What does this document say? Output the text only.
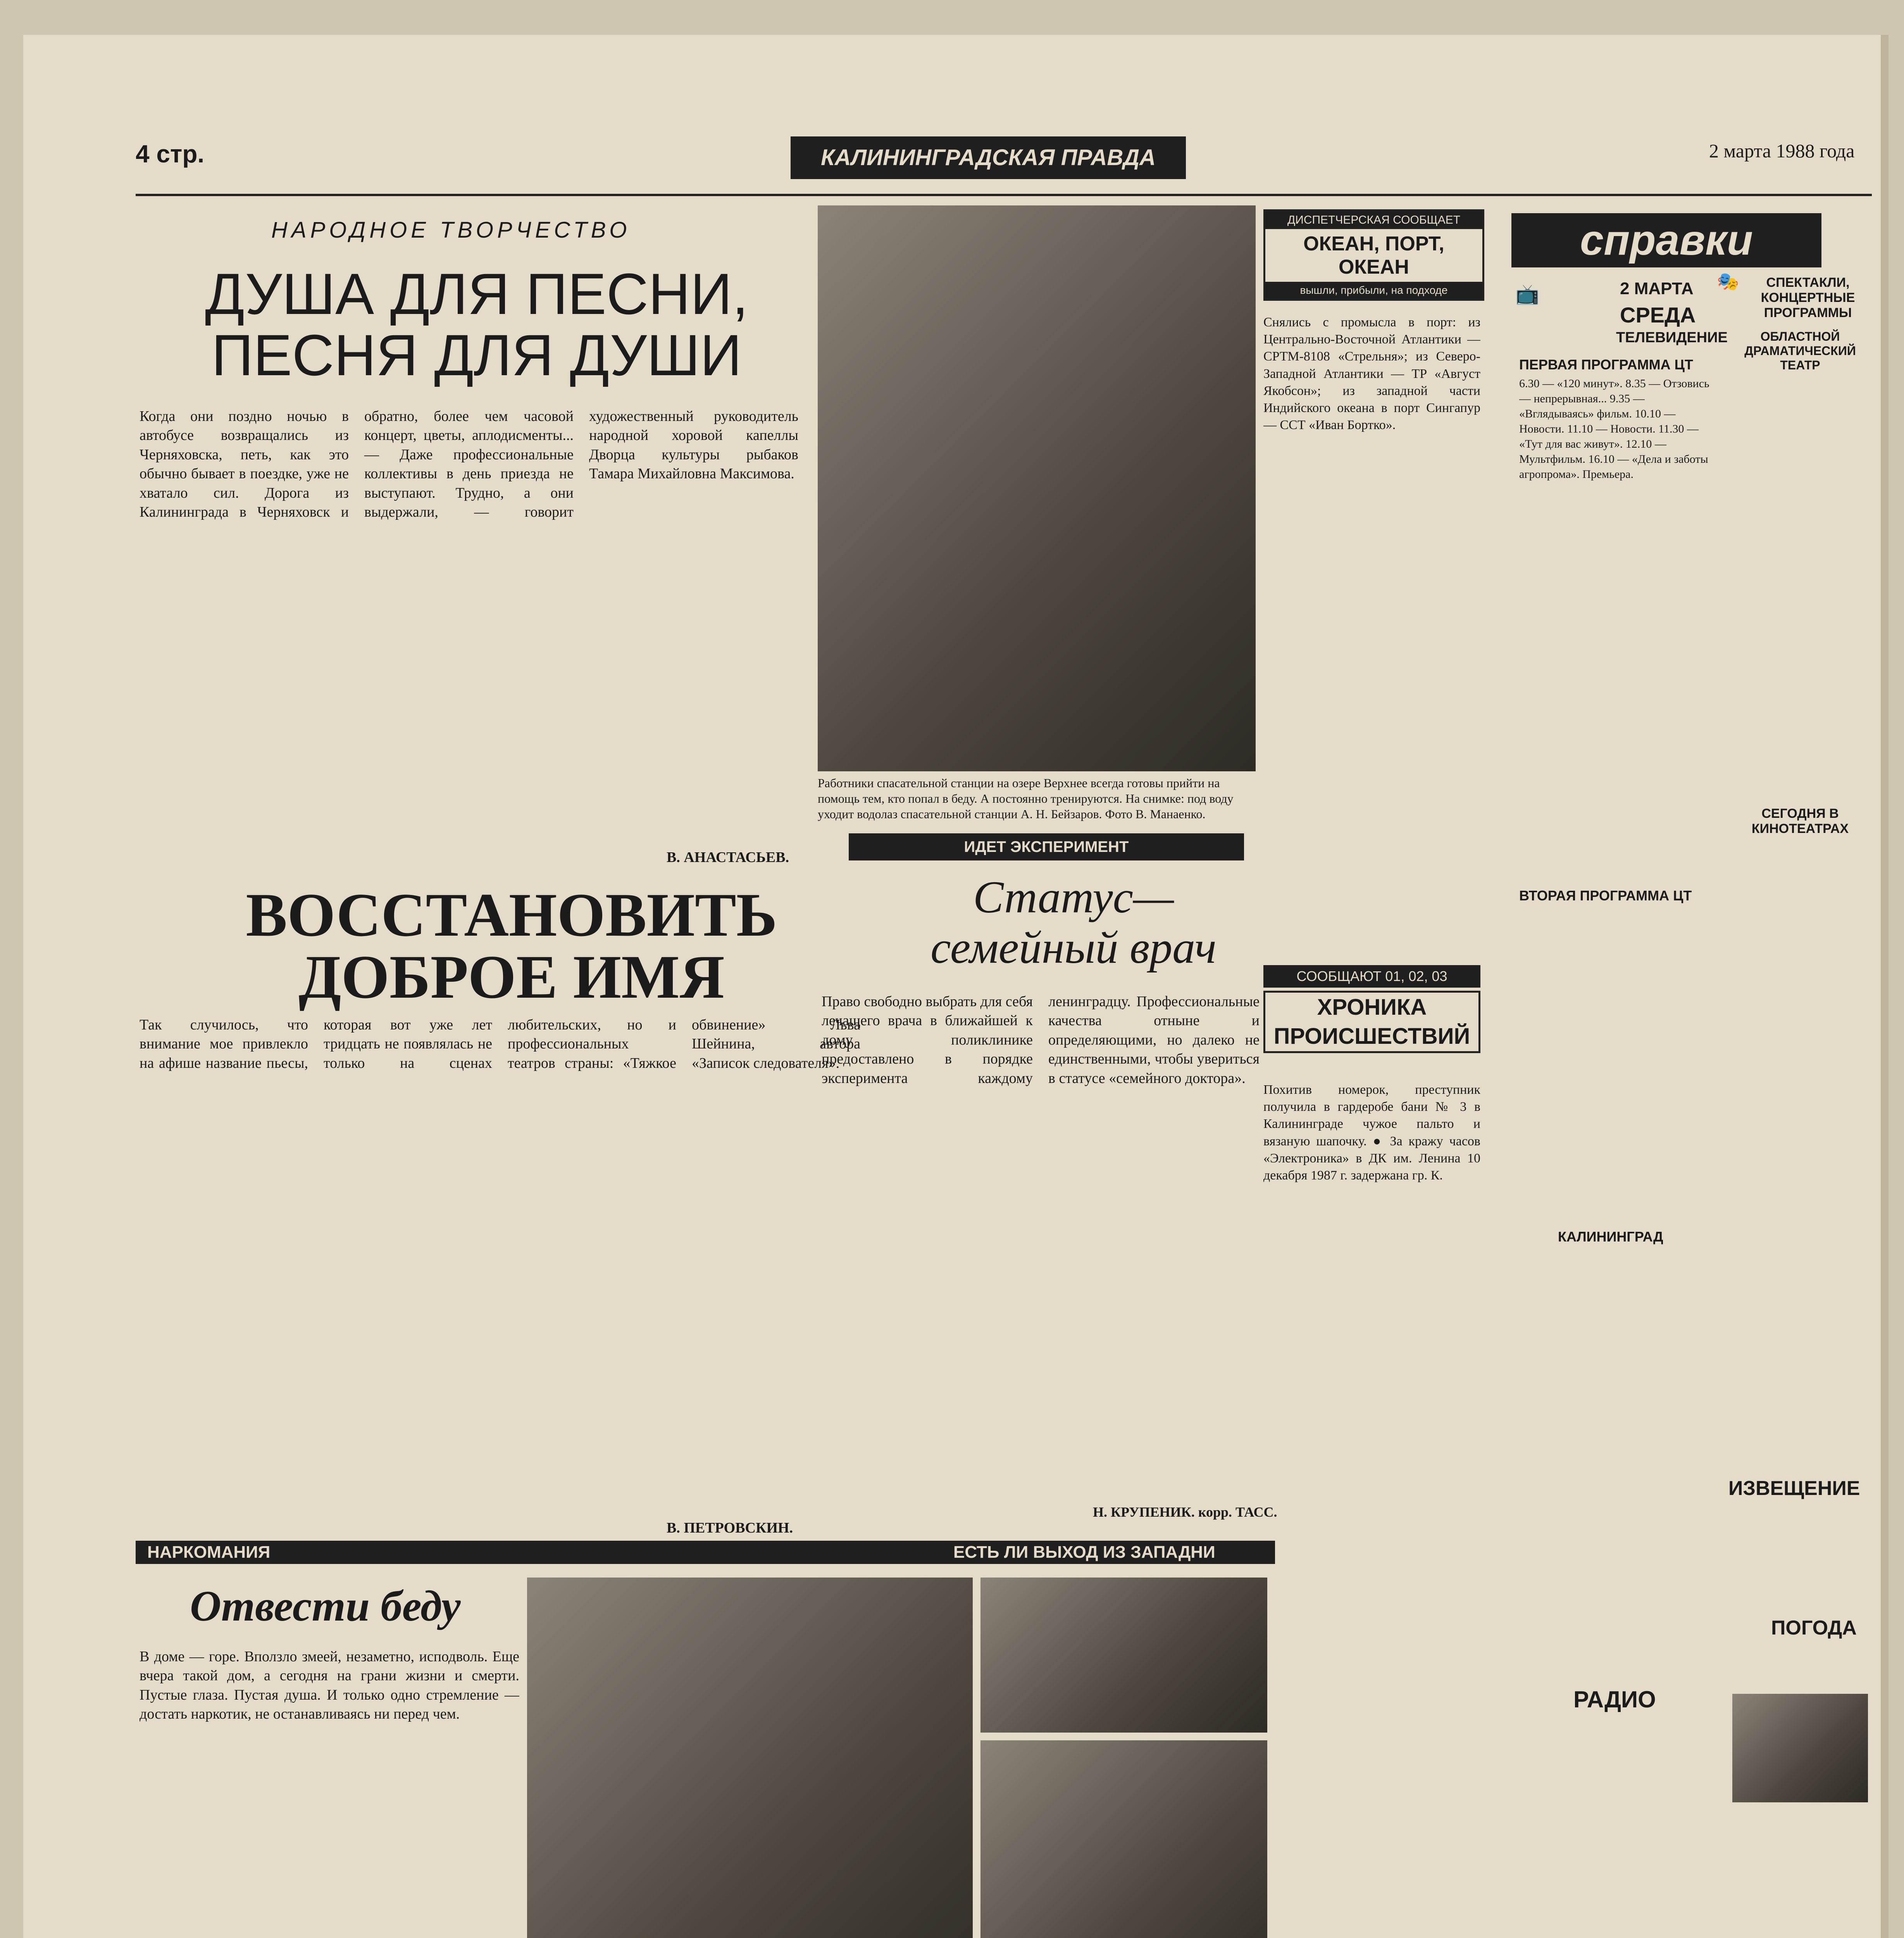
4 стр.	КАЛИНИНГРАДСКАЯ ПРАВДА	2 марта 1988 года
НАРОДНОЕ ТВОРЧЕСТВО
ДУША ДЛЯ ПЕСНИ, ПЕСНЯ ДЛЯ ДУШИ
Когда они поздно ночью в автобусе возвращались из Черняховска, петь, как это обычно бывает в поездке, уже не хватало сил. Дорога из Калининграда в Черняховск и обратно, более чем часовой концерт, цветы, аплодисменты... — Даже профессиональные коллективы в день приезда не выступают. Трудно, а они выдержали, — говорит художественный руководитель народной хоровой капеллы Дворца культуры рыбаков Тамара Михайловна Максимова.
В. АНАСТАСЬЕВ.
ВОССТАНОВИТЬ ДОБРОЕ ИМЯ
Так случилось, что внимание мое привлекло на афише название пьесы, которая вот уже лет тридцать не появлялась не только на сценах любительских, но и профессиональных театров страны: «Тяжкое обвинение» Льва Шейнина, автора «Записок следователя».
В. ПЕТРОВСКИН.
Работники спасательной станции на озере Верхнее всегда готовы прийти на помощь тем, кто попал в беду. А постоянно тренируются. На снимке: под воду уходит водолаз спасательной станции А. Н. Бейзаров. Фото В. Манаенко.
ИДЕТ ЭКСПЕРИМЕНТ
Статус— семейный врач
Право свободно выбрать для себя лечащего врача в ближайшей к дому поликлинике предоставлено в порядке эксперимента каждому ленинградцу. Профессиональные качества отныне и определяющими, но далеко не единственными, чтобы увериться в статусе «семейного доктора».
Н. КРУПЕНИК. корр. ТАСС.
НАРКОМАНИЯ	ЕСТЬ ЛИ ВЫХОД ИЗ ЗАПАДНИ
Отвести беду
В доме — горе. Вползло змеей, незаметно, исподволь. Еще вчера такой дом, а сегодня на грани жизни и смерти. Пустые глаза. Пустая душа. И только одно стремление — достать наркотик, не останавливаясь ни перед чем.
ДИСПЕТЧЕРСКАЯ СООБЩАЕТ
ОКЕАН, ПОРТ, ОКЕАН
вышли, прибыли, на подходе
Снялись с промысла в порт: из Центрально-Восточной Атлантики — СРТМ-8108 «Стрельня»; из Северо-Западной Атлантики — ТР «Август Якобсон»; из западной части Индийского океана в порт Сингапур — ССТ «Иван Бортко».
СООБЩАЮТ 01, 02, 03
ХРОНИКА ПРОИСШЕСТВИЙ
Похитив номерок, преступник получила в гардеробе бани № 3 в Калининграде чужое пальто и вязаную шапочку. ● За кражу часов «Электроника» в ДК им. Ленина 10 декабря 1987 г. задержана гр. К.
справки
📺	2 МАРТА
СРЕДА
ТЕЛЕВИДЕНИЕ
ПЕРВАЯ ПРОГРАММА ЦТ
6.30 — «120 минут». 8.35 — Отзовись — непрерывная... 9.35 — «Вглядываясь» фильм. 10.10 — Новости. 11.10 — Новости. 11.30 — «Тут для вас живут». 12.10 — Мультфильм. 16.10 — «Дела и заботы агропрома». Премьера.
ВТОРАЯ ПРОГРАММА ЦТ
КАЛИНИНГРАД
РАДИО
🎭	СПЕКТАКЛИ, КОНЦЕРТНЫЕ ПРОГРАММЫ
ОБЛАСТНОЙ ДРАМАТИЧЕСКИЙ ТЕАТР
СЕГОДНЯ В КИНОТЕАТРАХ
ИЗВЕЩЕНИЕ
ПОГОДА
